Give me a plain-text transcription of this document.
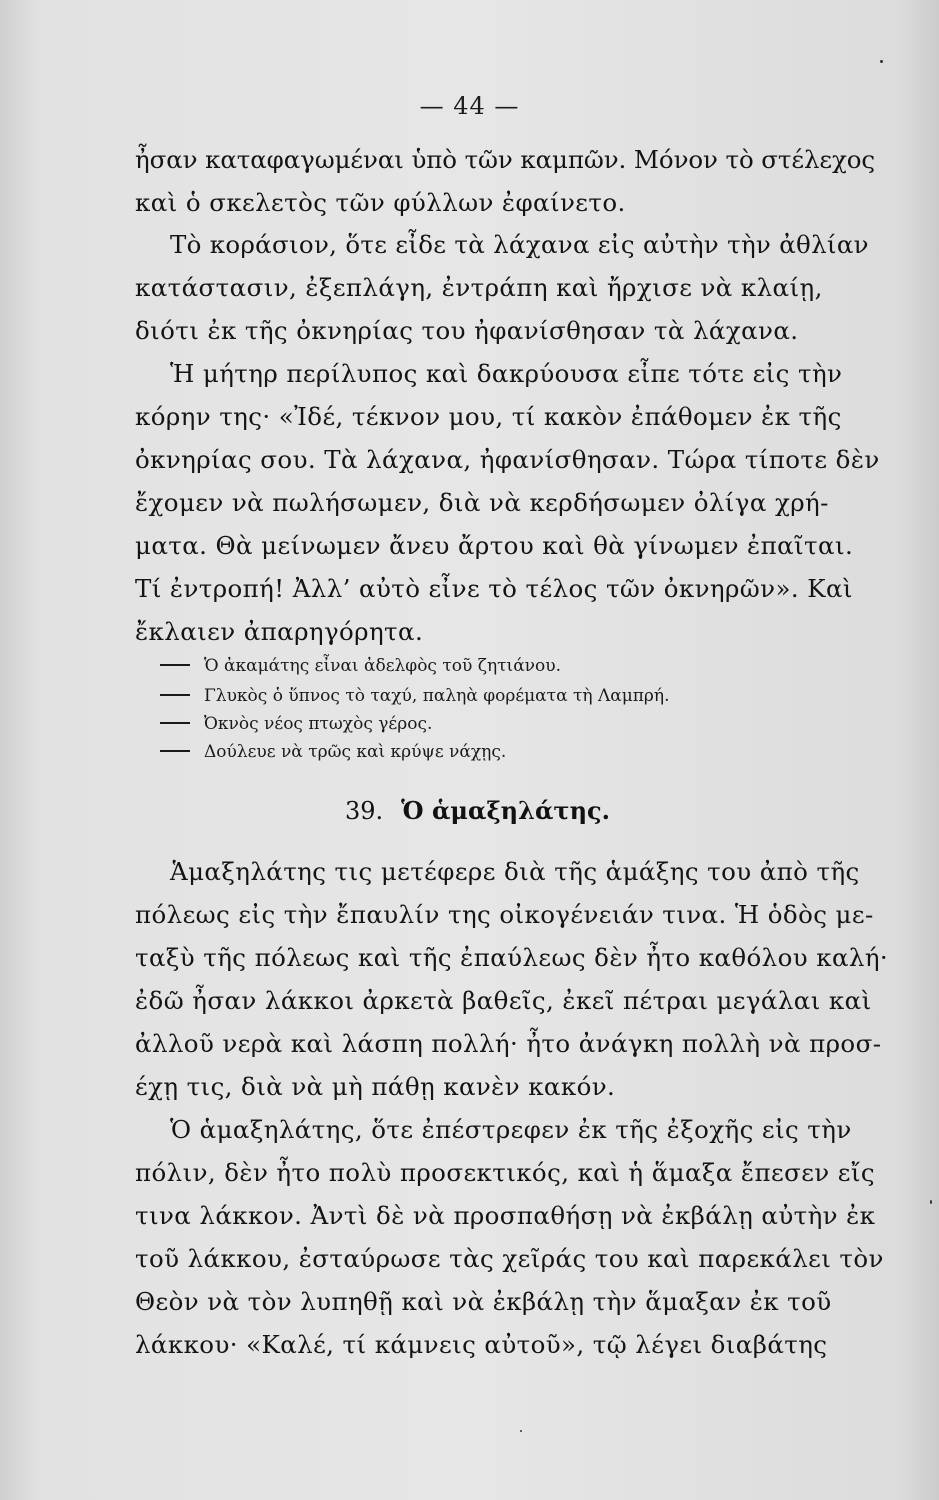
— 44 —
ἦσαν καταφαγωμέναι ὑπὸ τῶν καμπῶν. Μόνον τὸ στέλεχος
καὶ ὁ σκελετὸς τῶν φύλλων ἐφαίνετο.
Τὸ κοράσιον, ὅτε εἶδε τὰ λάχανα εἰς αὐτὴν τὴν ἀθλίαν
κατάστασιν, ἐξεπλάγη, ἐντράπη καὶ ἤρχισε νὰ κλαίῃ,
διότι ἐκ τῆς ὀκνηρίας του ἠφανίσθησαν τὰ λάχανα.
Ἡ μήτηρ περίλυπος καὶ δακρύουσα εἶπε τότε εἰς τὴν
κόρην της· «Ἰδέ, τέκνον μου, τί κακὸν ἐπάθομεν ἐκ τῆς
ὀκνηρίας σου. Τὰ λάχανα, ἠφανίσθησαν. Τώρα τίποτε δὲν
ἔχομεν νὰ πωλήσωμεν, διὰ νὰ κερδήσωμεν ὀλίγα χρή-
ματα. Θὰ μείνωμεν ἄνευ ἄρτου καὶ θὰ γίνωμεν ἐπαῖται.
Τί ἐντροπή! Ἀλλ’ αὐτὸ εἶνε τὸ τέλος τῶν ὀκνηρῶν». Καὶ
ἔκλαιεν ἀπαρηγόρητα.
Ὁ ἀκαμάτης εἶναι ἀδελφὸς τοῦ ζητιάνου.
Γλυκὸς ὁ ὕπνος τὸ ταχύ, παληὰ φορέματα τὴ Λαμπρή.
Ὀκνὸς νέος πτωχὸς γέρος.
Δούλευε νὰ τρῶς καὶ κρύψε νάχῃς.
39. Ὁ ἁμαξηλάτης.
Ἁμαξηλάτης τις μετέφερε διὰ τῆς ἁμάξης του ἀπὸ τῆς
πόλεως εἰς τὴν ἔπαυλίν της οἰκογένειάν τινα. Ἡ ὁδὸς με-
ταξὺ τῆς πόλεως καὶ τῆς ἐπαύλεως δὲν ἦτο καθόλου καλή·
ἐδῶ ἦσαν λάκκοι ἀρκετὰ βαθεῖς, ἐκεῖ πέτραι μεγάλαι καὶ
ἀλλοῦ νερὰ καὶ λάσπη πολλή· ἦτο ἀνάγκη πολλὴ νὰ προσ-
έχῃ τις, διὰ νὰ μὴ πάθῃ κανὲν κακόν.
Ὁ ἁμαξηλάτης, ὅτε ἐπέστρεφεν ἐκ τῆς ἐξοχῆς εἰς τὴν
πόλιν, δὲν ἦτο πολὺ προσεκτικός, καὶ ἡ ἅμαξα ἔπεσεν εἴς
τινα λάκκον. Ἀντὶ δὲ νὰ προσπαθήσῃ νὰ ἐκβάλῃ αὐτὴν ἐκ
τοῦ λάκκου, ἐσταύρωσε τὰς χεῖράς του καὶ παρεκάλει τὸν
Θεὸν νὰ τὸν λυπηθῇ καὶ νὰ ἐκβάλῃ τὴν ἅμαξαν ἐκ τοῦ
λάκκου· «Καλέ, τί κάμνεις αὐτοῦ», τῷ λέγει διαβάτης
